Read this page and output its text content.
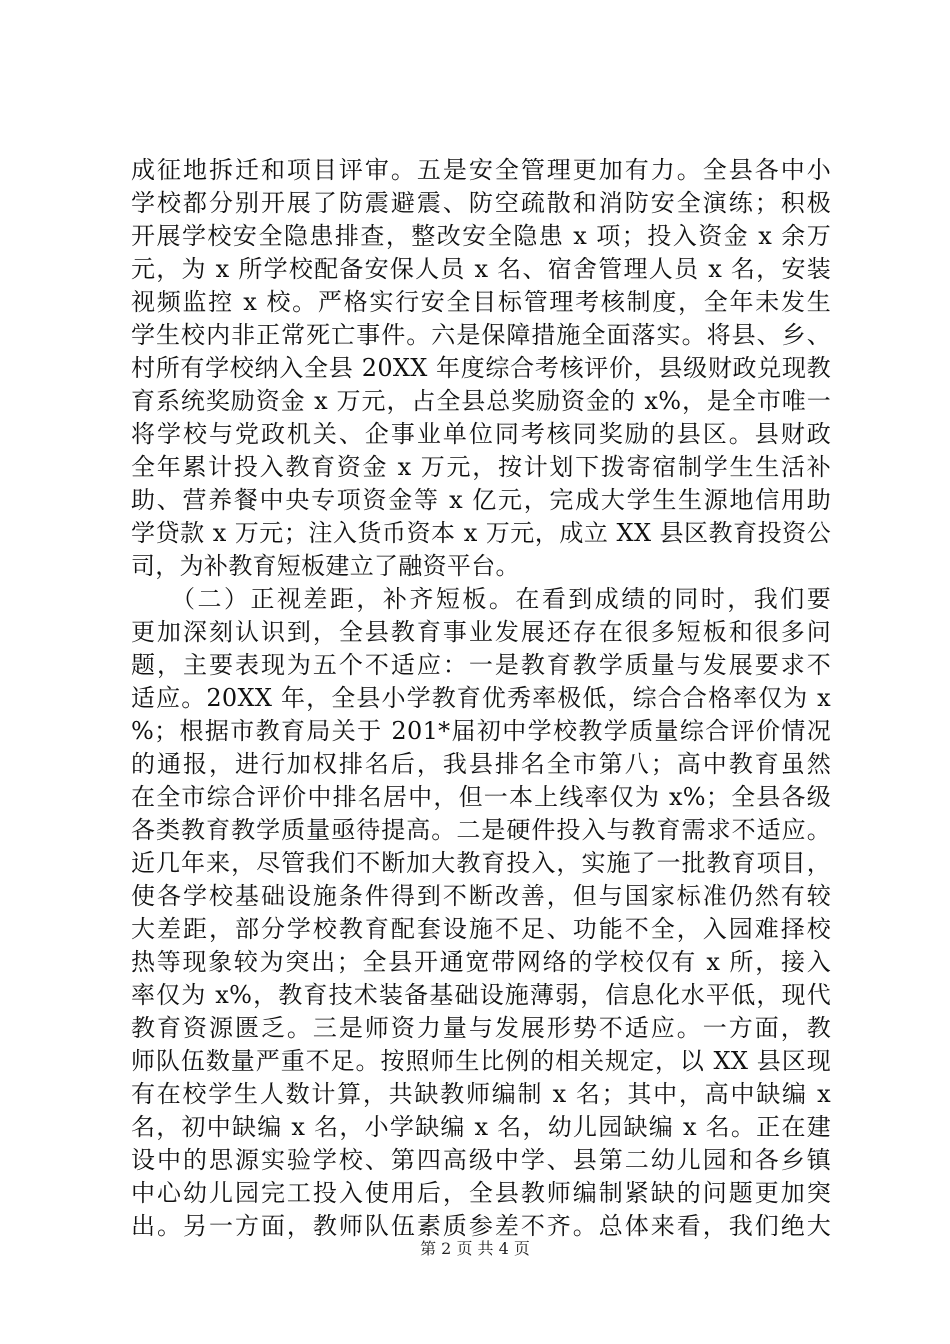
成征地拆迁和项目评审。五是安全管理更加有力。全县各中小
学校都分别开展了防震避震、防空疏散和消防安全演练；积极
开展学校安全隐患排查，整改安全隐患 x 项；投入资金 x 余万
元，为 x 所学校配备安保人员 x 名、宿舍管理人员 x 名，安装
视频监控 x 校。严格实行安全目标管理考核制度，全年未发生
学生校内非正常死亡事件。六是保障措施全面落实。将县、乡、
村所有学校纳入全县 20XX 年度综合考核评价，县级财政兑现教
育系统奖励资金 x 万元，占全县总奖励资金的 x%，是全市唯一
将学校与党政机关、企事业单位同考核同奖励的县区。县财政
全年累计投入教育资金 x 万元，按计划下拨寄宿制学生生活补
助、营养餐中央专项资金等 x 亿元，完成大学生生源地信用助
学贷款 x 万元；注入货币资本 x 万元，成立 XX 县区教育投资公
司，为补教育短板建立了融资平台。
（二）正视差距，补齐短板。在看到成绩的同时，我们要
更加深刻认识到，全县教育事业发展还存在很多短板和很多问
题，主要表现为五个不适应：一是教育教学质量与发展要求不
适应。20XX 年，全县小学教育优秀率极低，综合合格率仅为 x
%；根据市教育局关于 201*届初中学校教学质量综合评价情况
的通报，进行加权排名后，我县排名全市第八；高中教育虽然
在全市综合评价中排名居中，但一本上线率仅为 x%；全县各级
各类教育教学质量亟待提高。二是硬件投入与教育需求不适应。
近几年来，尽管我们不断加大教育投入，实施了一批教育项目，
使各学校基础设施条件得到不断改善，但与国家标准仍然有较
大差距，部分学校教育配套设施不足、功能不全，入园难择校
热等现象较为突出；全县开通宽带网络的学校仅有 x 所，接入
率仅为 x%，教育技术装备基础设施薄弱，信息化水平低，现代
教育资源匮乏。三是师资力量与发展形势不适应。一方面，教
师队伍数量严重不足。按照师生比例的相关规定，以 XX 县区现
有在校学生人数计算，共缺教师编制 x 名；其中，高中缺编 x
名，初中缺编 x 名，小学缺编 x 名，幼儿园缺编 x 名。正在建
设中的思源实验学校、第四高级中学、县第二幼儿园和各乡镇
中心幼儿园完工投入使用后，全县教师编制紧缺的问题更加突
出。另一方面，教师队伍素质参差不齐。总体来看，我们绝大
第 2 页 共 4 页
